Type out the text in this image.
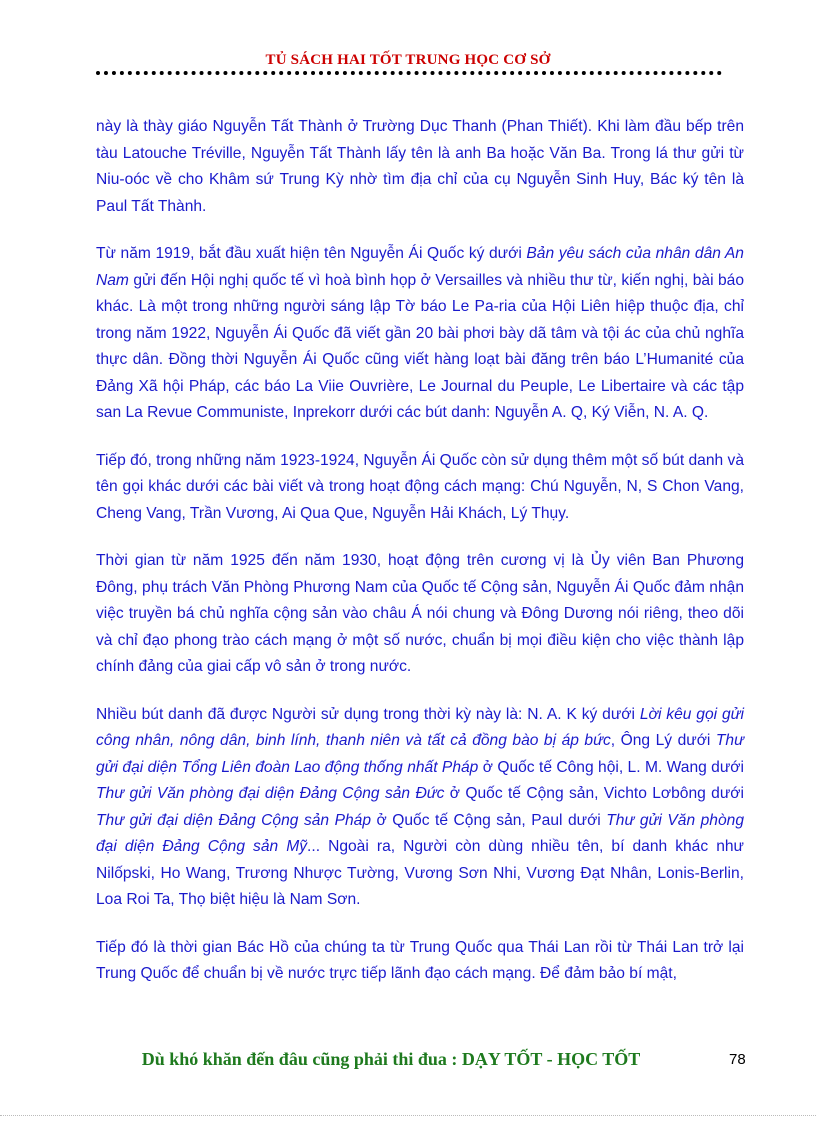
TỦ SÁCH HAI TỐT TRUNG HỌC CƠ SỞ

này là thày giáo Nguyễn Tất Thành ở Trường Dục Thanh (Phan Thiết). Khi làm đầu bếp trên tàu Latouche Tréville, Nguyễn Tất Thành lấy tên là anh Ba hoặc Văn Ba. Trong lá thư gửi từ Niu-oóc về cho Khâm sứ Trung Kỳ nhờ tìm địa chỉ của cụ Nguyễn Sinh Huy, Bác ký tên là Paul Tất Thành.

Từ năm 1919, bắt đầu xuất hiện tên Nguyễn Ái Quốc ký dưới Bản yêu sách của nhân dân An Nam gửi đến Hội nghị quốc tế vì hoà bình họp ở Versailles và nhiều thư từ, kiến nghị, bài báo khác. Là một trong những người sáng lập Tờ báo Le Pa-ria của Hội Liên hiệp thuộc địa, chỉ trong năm 1922, Nguyễn Ái Quốc đã viết gần 20 bài phơi bày dã tâm và tội ác của chủ nghĩa thực dân. Đồng thời Nguyễn Ái Quốc cũng viết hàng loạt bài đăng trên báo L’Humanité của Đảng Xã hội Pháp, các báo La Viie Ouvrière, Le Journal du Peuple, Le Libertaire và các tập san La Revue Communiste, Inprekorr dưới các bút danh: Nguyễn A. Q, Ký Viễn, N. A. Q.

Tiếp đó, trong những năm 1923-1924, Nguyễn Ái Quốc còn sử dụng thêm một số bút danh và tên gọi khác dưới các bài viết và trong hoạt động cách mạng: Chú Nguyễn, N, S Chon Vang, Cheng Vang, Trần Vương, Ai Qua Que, Nguyễn Hải Khách, Lý Thụy.

Thời gian từ năm 1925 đến năm 1930, hoạt động trên cương vị là Ủy viên Ban Phương Đông, phụ trách Văn Phòng Phương Nam của Quốc tế Cộng sản, Nguyễn Ái Quốc đảm nhận việc truyền bá chủ nghĩa cộng sản vào châu Á nói chung và Đông Dương nói riêng, theo dõi và chỉ đạo phong trào cách mạng ở một số nước, chuẩn bị mọi điều kiện cho việc thành lập chính đảng của giai cấp vô sản ở trong nước.

Nhiều bút danh đã được Người sử dụng trong thời kỳ này là: N. A. K ký dưới Lời kêu gọi gửi công nhân, nông dân, binh lính, thanh niên và tất cả đồng bào bị áp bức, Ông Lý dưới Thư gửi đại diện Tổng Liên đoàn Lao động thống nhất Pháp ở Quốc tế Công hội, L. M. Wang dưới Thư gửi Văn phòng đại diện Đảng Cộng sản Đức ở Quốc tế Cộng sản, Vichto Lơbông dưới Thư gửi đại diện Đảng Cộng sản Pháp ở Quốc tế Cộng sản, Paul dưới Thư gửi Văn phòng đại diện Đảng Cộng sản Mỹ... Ngoài ra, Người còn dùng nhiều tên, bí danh khác như Nilốpski, Ho Wang, Trương Nhược Tường, Vương Sơn Nhi, Vương Đạt Nhân, Lonis-Berlin, Loa Roi Ta, Thọ biệt hiệu là Nam Sơn.

Tiếp đó là thời gian Bác Hồ của chúng ta từ Trung Quốc qua Thái Lan rồi từ Thái Lan trở lại Trung Quốc để chuẩn bị về nước trực tiếp lãnh đạo cách mạng. Để đảm bảo bí mật,

Dù khó khăn đến đâu cũng phải thi đua : DẠY TỐT - HỌC TỐT	78
